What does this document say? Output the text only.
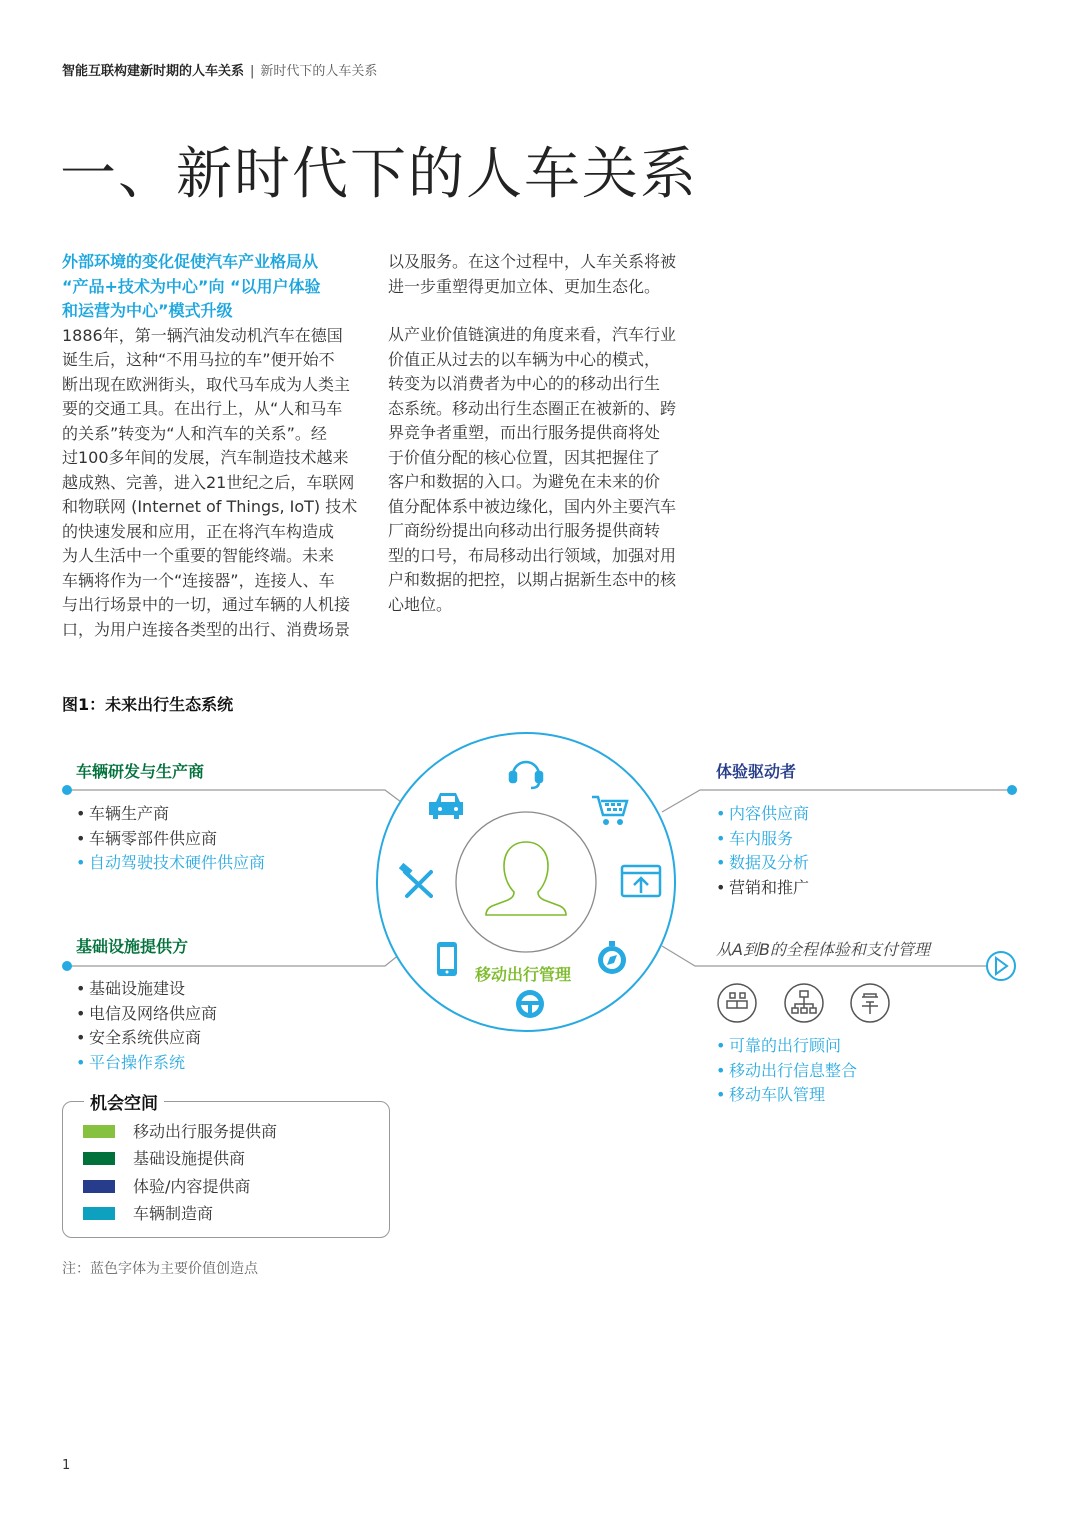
智能互联构建新时期的人车关系 | 新时代下的人车关系
一、新时代下的人车关系
外部环境的变化促使汽车产业格局从
“产品+技术为中心”向 “以用户体验
和运营为中心”模式升级
1886年，第一辆汽油发动机汽车在德国
诞生后，这种“不用马拉的车”便开始不
断出现在欧洲街头，取代马车成为人类主
要的交通工具。在出行上，从“人和马车
的关系”转变为“人和汽车的关系”。经
过100多年间的发展，汽车制造技术越来
越成熟、完善，进入21世纪之后，车联网
和物联网 (Internet of Things, IoT) 技术
的快速发展和应用，正在将汽车构造成
为人生活中一个重要的智能终端。未来
车辆将作为一个“连接器”，连接人、车
与出行场景中的一切，通过车辆的人机接
口，为用户连接各类型的出行、消费场景
以及服务。在这个过程中，人车关系将被
进一步重塑得更加立体、更加生态化。
从产业价值链演进的角度来看，汽车行业
价值正从过去的以车辆为中心的模式，
转变为以消费者为中心的的移动出行生
态系统。移动出行生态圈正在被新的、跨
界竞争者重塑，而出行服务提供商将处
于价值分配的核心位置，因其把握住了
客户和数据的入口。为避免在未来的价
值分配体系中被边缘化，国内外主要汽车
厂商纷纷提出向移动出行服务提供商转
型的口号，布局移动出行领域，加强对用
户和数据的把控，以期占据新生态中的核
心地位。
图1：未来出行生态系统
移动出行管理
车辆研发与生产商
• 车辆生产商
• 车辆零部件供应商
• 自动驾驶技术硬件供应商
基础设施提供方
• 基础设施建设
• 电信及网络供应商
• 安全系统供应商
• 平台操作系统
体验驱动者
• 内容供应商
• 车内服务
• 数据及分析
• 营销和推广
从A到B的全程体验和支付管理
• 可靠的出行顾问
• 移动出行信息整合
• 移动车队管理
机会空间
移动出行服务提供商
基础设施提供商
体验/内容提供商
车辆制造商
注：蓝色字体为主要价值创造点
1
